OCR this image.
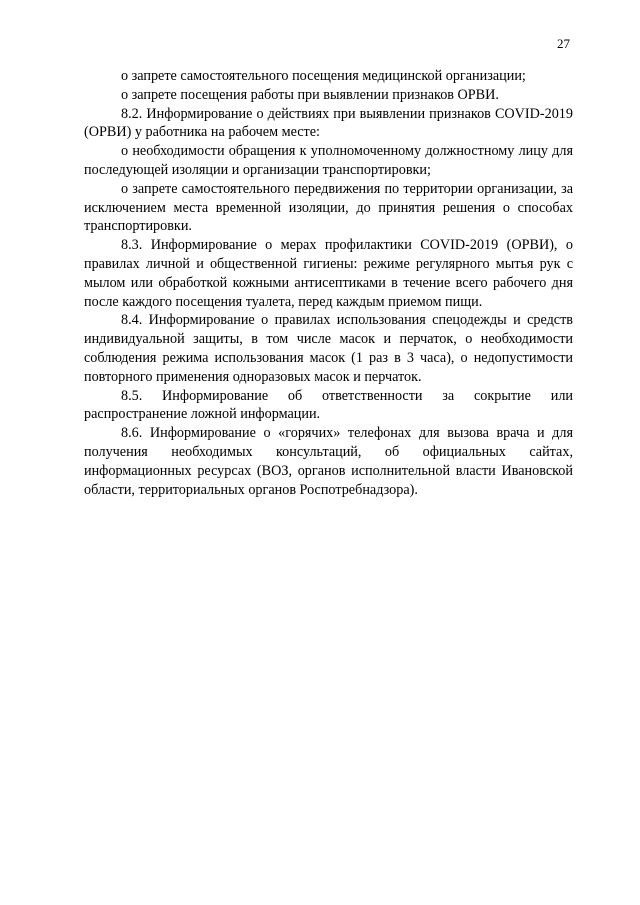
27

о запрете самостоятельного посещения медицинской организации;

о запрете посещения работы при выявлении признаков ОРВИ.

8.2. Информирование о действиях при выявлении признаков COVID-2019 (ОРВИ) у работника на рабочем месте:

о необходимости обращения к уполномоченному должностному лицу для последующей изоляции и организации транспортировки;

о запрете самостоятельного передвижения по территории организации, за исключением места временной изоляции, до принятия решения о способах транспортировки.

8.3. Информирование о мерах профилактики COVID-2019 (ОРВИ), о правилах личной и общественной гигиены: режиме регулярного мытья рук с мылом или обработкой кожными антисептиками в течение всего рабочего дня после каждого посещения туалета, перед каждым приемом пищи.

8.4. Информирование о правилах использования спецодежды и средств индивидуальной защиты, в том числе масок и перчаток, о необходимости соблюдения режима использования масок (1 раз в 3 часа), о недопустимости повторного применения одноразовых масок и перчаток.

8.5. Информирование об ответственности за сокрытие или распространение ложной информации.

8.6. Информирование о «горячих» телефонах для вызова врача и для получения необходимых консультаций, об официальных сайтах, информационных ресурсах (ВОЗ, органов исполнительной власти Ивановской области, территориальных органов Роспотребнадзора).
